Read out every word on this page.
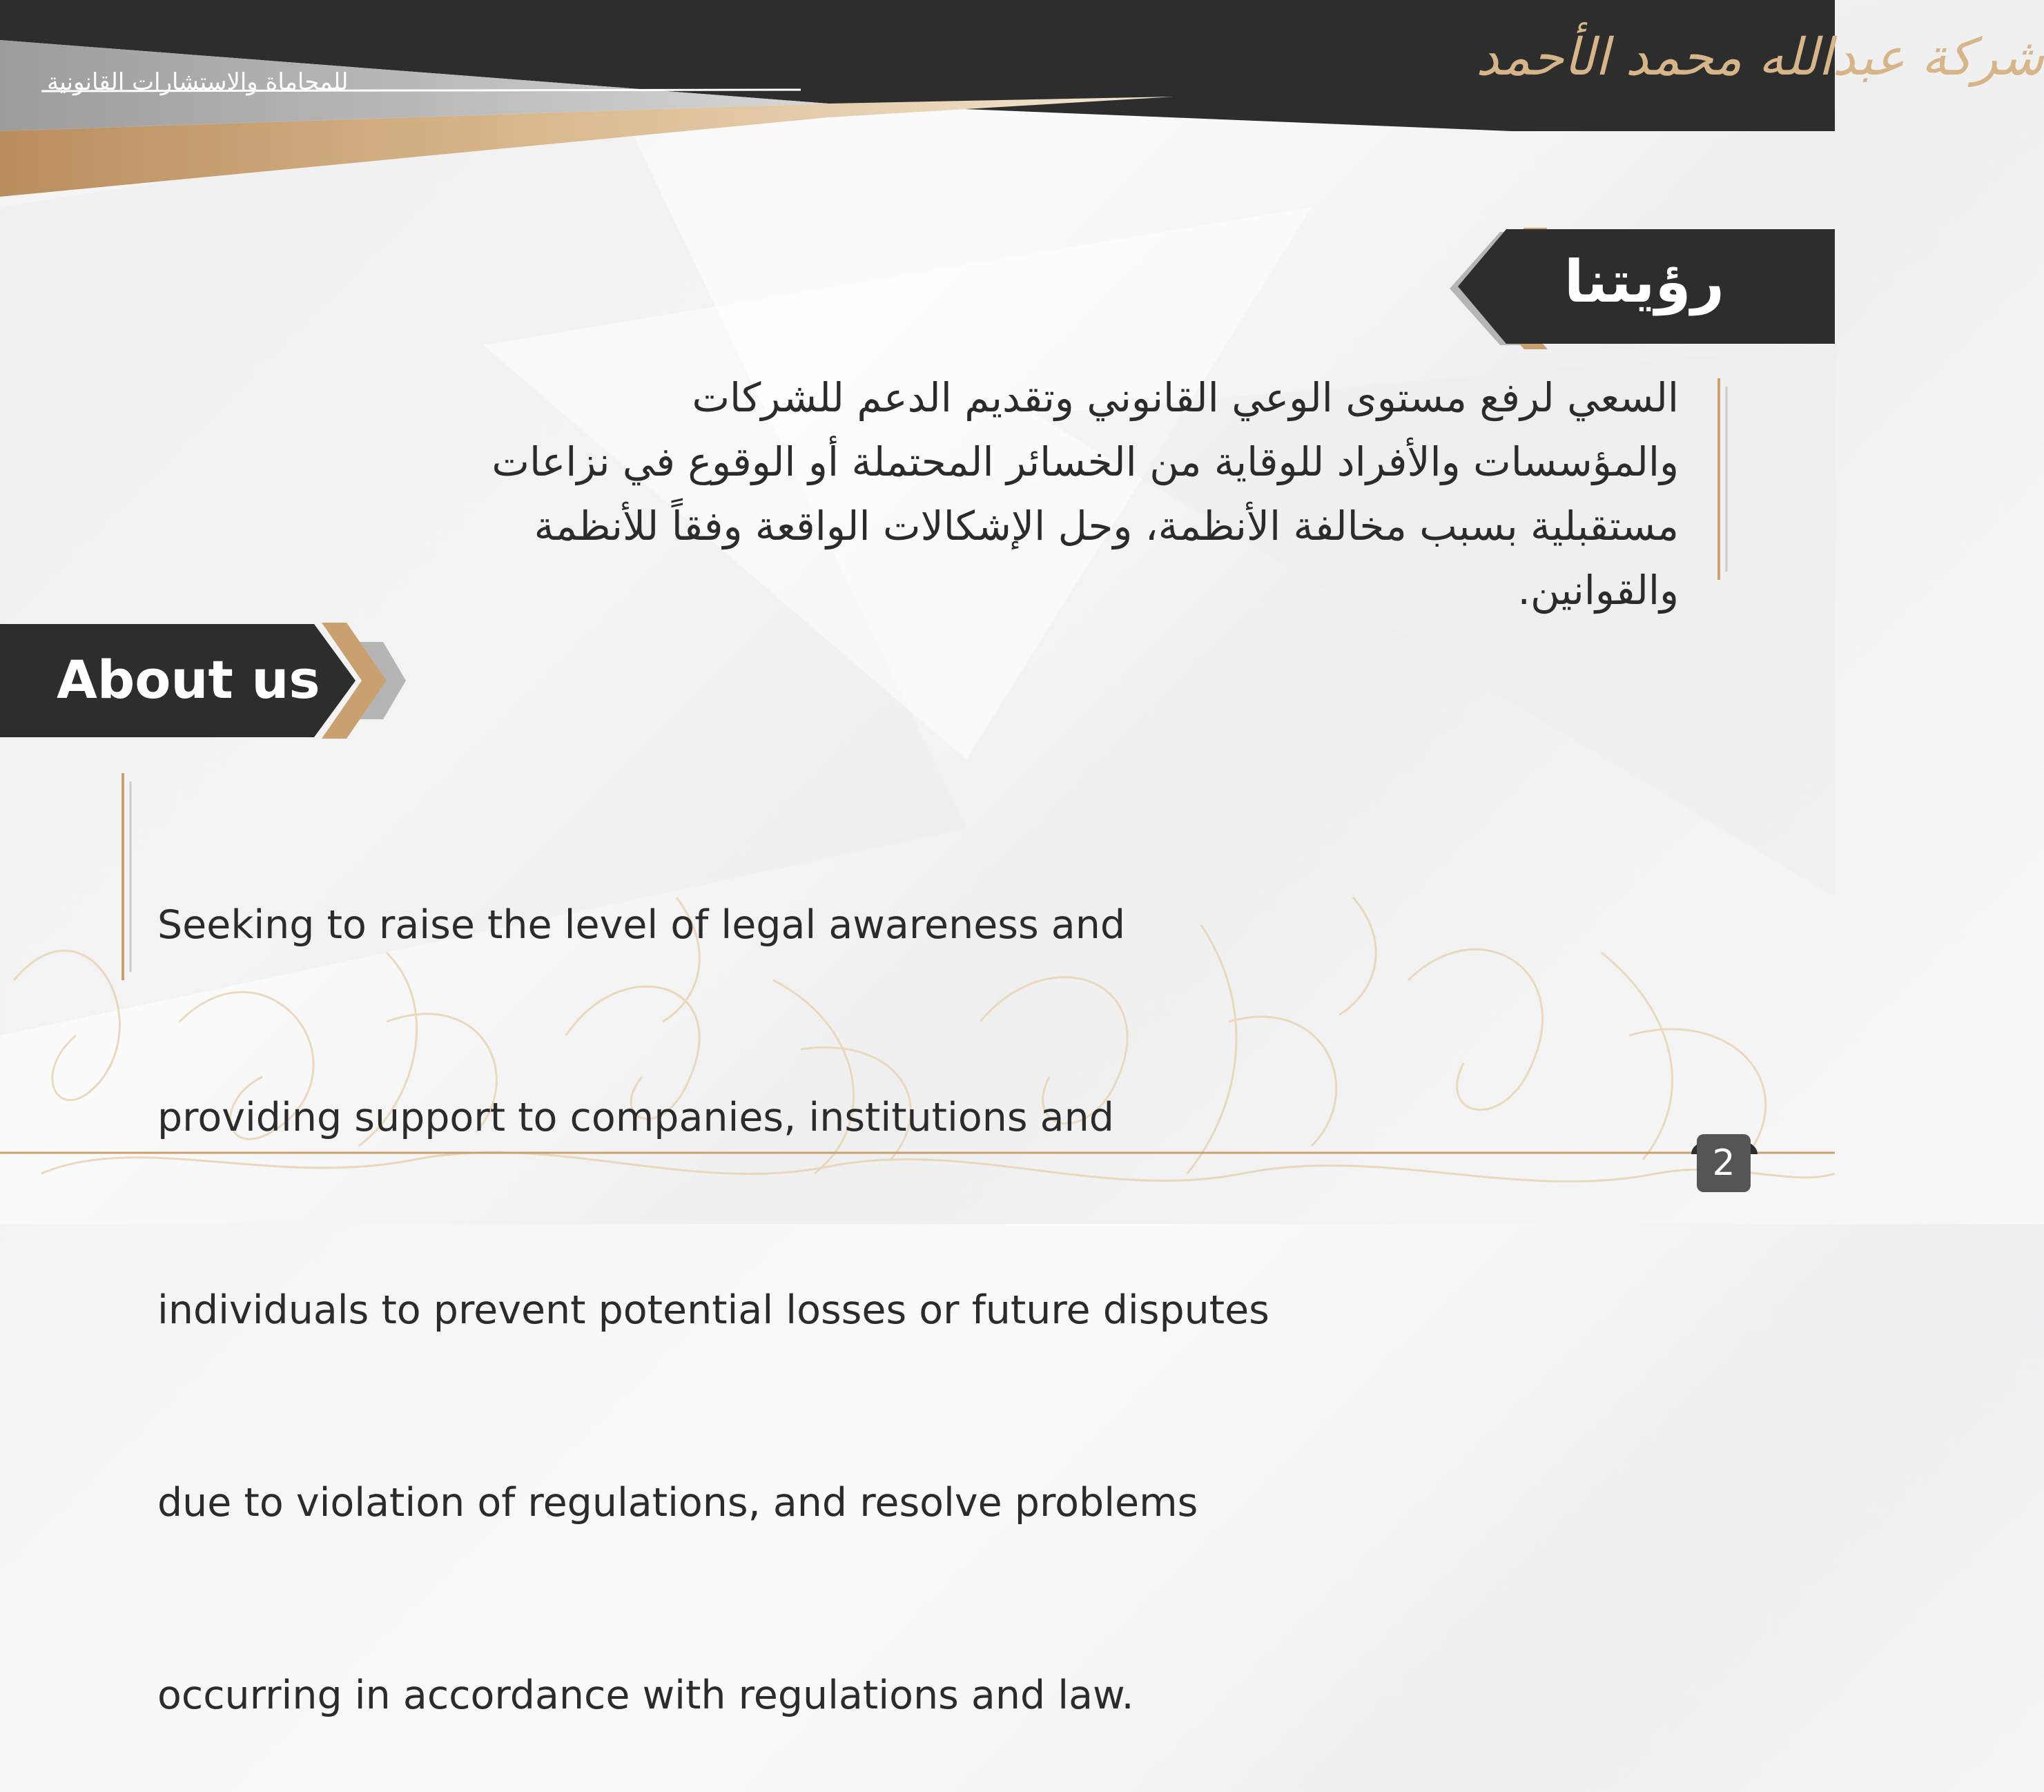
شركة عبدالله محمد الأحمد
للمحاماة والاستشارات القانونية
رؤيتنا
السعي لرفع مستوى الوعي القانوني وتقديم الدعم للشركات
والمؤسسات والأفراد للوقاية من الخسائر المحتملة أو الوقوع في نزاعات
مستقبلية بسبب مخالفة الأنظمة، وحل الإشكالات الواقعة وفقاً للأنظمة
والقوانين.
About us

Seeking to raise the level of legal awareness and

providing support to companies, institutions and

individuals to prevent potential losses or future disputes

due to violation of regulations, and resolve problems

occurring in accordance with regulations and law.

2
